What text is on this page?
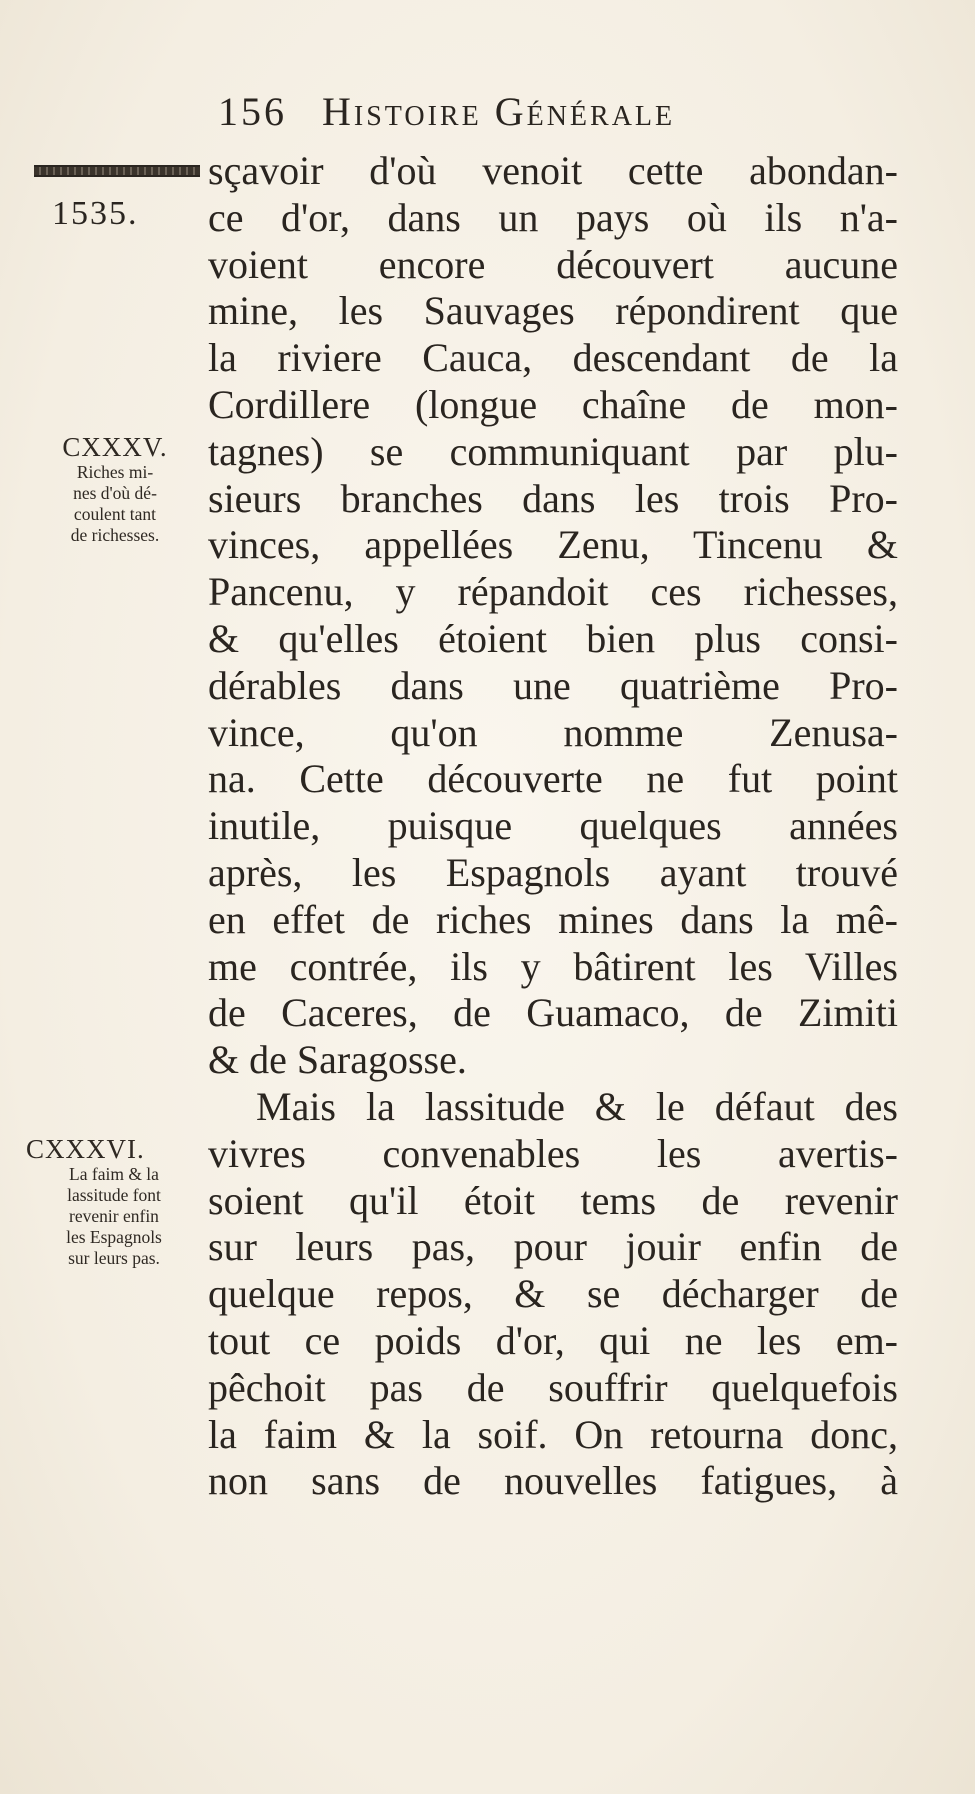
156 Histoire Générale
1535.
CXXXV.
Riches mi-
nes d'où dé-
coulent tant
de richesses.
CXXXVI.
La faim & la
lassitude font
revenir enfin
les Espagnols
sur leurs pas.
sçavoir d'où venoit cette abondan-
ce d'or, dans un pays où ils n'a-
voient encore découvert aucune
mine, les Sauvages répondirent que
la riviere Cauca, descendant de la
Cordillere (longue chaîne de mon-
tagnes) se communiquant par plu-
sieurs branches dans les trois Pro-
vinces, appellées Zenu, Tincenu &
Pancenu, y répandoit ces richesses,
& qu'elles étoient bien plus consi-
dérables dans une quatrième Pro-
vince, qu'on nomme Zenusa-
na. Cette découverte ne fut point
inutile, puisque quelques années
après, les Espagnols ayant trouvé
en effet de riches mines dans la mê-
me contrée, ils y bâtirent les Villes
de Caceres, de Guamaco, de Zimiti
& de Saragosse.
Mais la lassitude & le défaut des
vivres convenables les avertis-
soient qu'il étoit tems de revenir
sur leurs pas, pour jouir enfin de
quelque repos, & se décharger de
tout ce poids d'or, qui ne les em-
pêchoit pas de souffrir quelquefois
la faim & la soif. On retourna donc,
non sans de nouvelles fatigues, à
